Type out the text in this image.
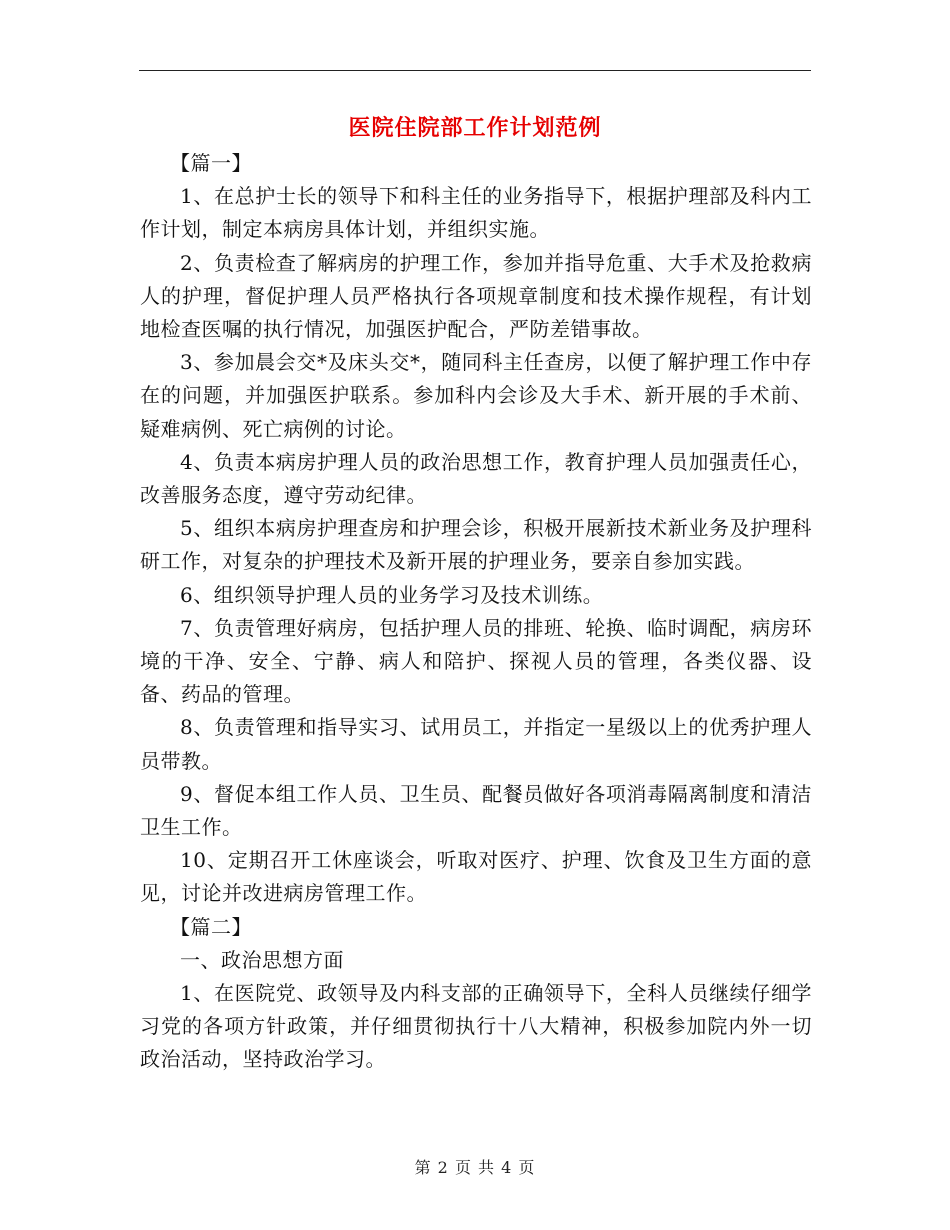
医院住院部工作计划范例

【篇一】

1、在总护士长的领导下和科主任的业务指导下，根据护理部及科内工作计划，制定本病房具体计划，并组织实施。

2、负责检查了解病房的护理工作，参加并指导危重、大手术及抢救病人的护理，督促护理人员严格执行各项规章制度和技术操作规程，有计划地检查医嘱的执行情况，加强医护配合，严防差错事故。

3、参加晨会交*及床头交*，随同科主任查房，以便了解护理工作中存在的问题，并加强医护联系。参加科内会诊及大手术、新开展的手术前、疑难病例、死亡病例的讨论。

4、负责本病房护理人员的政治思想工作，教育护理人员加强责任心，改善服务态度，遵守劳动纪律。

5、组织本病房护理查房和护理会诊，积极开展新技术新业务及护理科研工作，对复杂的护理技术及新开展的护理业务，要亲自参加实践。

6、组织领导护理人员的业务学习及技术训练。

7、负责管理好病房，包括护理人员的排班、轮换、临时调配，病房环境的干净、安全、宁静、病人和陪护、探视人员的管理，各类仪器、设备、药品的管理。

8、负责管理和指导实习、试用员工，并指定一星级以上的优秀护理人员带教。

9、督促本组工作人员、卫生员、配餐员做好各项消毒隔离制度和清洁卫生工作。

10、定期召开工休座谈会，听取对医疗、护理、饮食及卫生方面的意见，讨论并改进病房管理工作。

【篇二】

一、政治思想方面

1、在医院党、政领导及内科支部的正确领导下，全科人员继续仔细学习党的各项方针政策，并仔细贯彻执行十八大精神，积极参加院内外一切政治活动，坚持政治学习。

第 2 页 共 4 页
